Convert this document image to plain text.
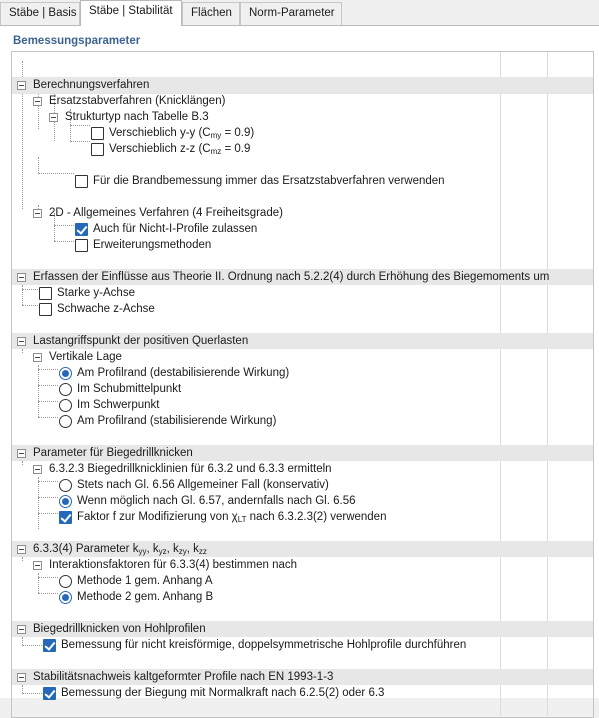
Stäbe | Basis	Stäbe | Stabilität	Flächen	Norm-Parameter
Bemessungsparameter
Berechnungsverfahren
Ersatzstabverfahren (Knicklängen)
Strukturtyp nach Tabelle B.3
Verschieblich y-y $(C_{my} = 0.9)$
Verschieblich z-z ($C_{mz} = 0.9$
Für die Brandbemessung immer das Ersatzstabverfahren verwenden
2D - Allgemeines Verfahren (4 Freiheitsgrade)
Auch für Nicht-I-Profile zulassen
Erweiterungsmethoden
Erfassen der Einflüsse aus Theorie II. Ordnung nach 5.2.2(4) durch Erhöhung des Biegemoments um
Starke y-Achse
Schwache z-Achse
Lastangriffspunkt der positiven Querlasten
Vertikale Lage
Am Profilrand (destabilisierende Wirkung)
Im Schubmittelpunkt
Im Schwerpunkt
Am Profilrand (stabilisierende Wirkung)
Parameter für Biegedrillknicken
6.3.2.3 Biegedrillknicklinien für 6.3.2 und 6.3.3 ermitteln
Stets nach Gl. 6.56 Allgemeiner Fall (konservativ)
Wenn möglich nach Gl. 6.57, andernfalls nach Gl. 6.56
Faktor f zur Modifizierung von $\chi_{LT}$ nach 6.3.2.3(2) verwenden
6.3.3(4) Parameter $k_{yy}$, $k_{yz}$, $k_{zy}$, $k_{zz}$
Interaktionsfaktoren für 6.3.3(4) bestimmen nach
Methode 1 gem. Anhang A
Methode 2 gem. Anhang B
Biegedrillknicken von Hohlprofilen
Bemessung für nicht kreisförmige, doppelsymmetrische Hohlprofile durchführen
Stabilitätsnachweis kaltgeformter Profile nach EN 1993-1-3
Bemessung der Biegung mit Normalkraft nach 6.2.5(2) oder 6.3
